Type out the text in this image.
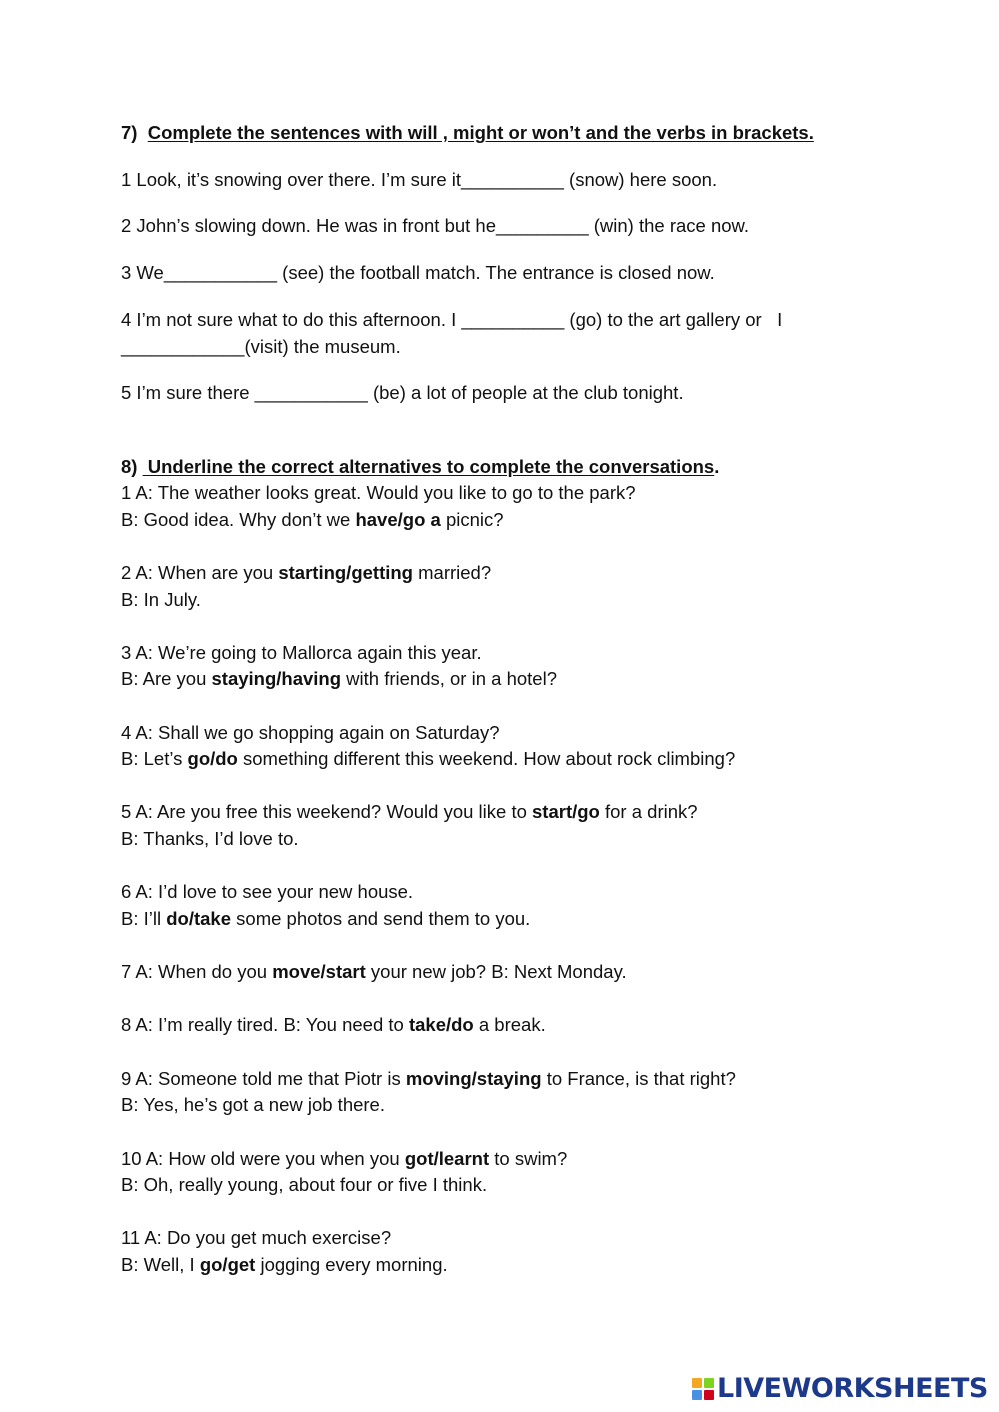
7) Complete the sentences with will , might or won’t and the verbs in brackets.
1 Look, it’s snowing over there. I’m sure it__________ (snow) here soon.
2 John’s slowing down. He was in front but he_________ (win) the race now.
3 We___________ (see) the football match. The entrance is closed now.
4 I’m not sure what to do this afternoon. I __________ (go) to the art gallery or   I
____________(visit) the museum.
5 I’m sure there ___________ (be) a lot of people at the club tonight.
8)  Underline the correct alternatives to complete the conversations.
1 A: The weather looks great. Would you like to go to the park?
B: Good idea. Why don’t we have/go a picnic?
2 A: When are you starting/getting married?
B: In July.
3 A: We’re going to Mallorca again this year.
B: Are you staying/having with friends, or in a hotel?
4 A: Shall we go shopping again on Saturday?
B: Let’s go/do something different this weekend. How about rock climbing?
5 A: Are you free this weekend? Would you like to start/go for a drink?
B: Thanks, I’d love to.
6 A: I’d love to see your new house.
B: I’ll do/take some photos and send them to you.
7 A: When do you move/start your new job? B: Next Monday.
8 A: I’m really tired. B: You need to take/do a break.
9 A: Someone told me that Piotr is moving/staying to France, is that right?
B: Yes, he’s got a new job there.
10 A: How old were you when you got/learnt to swim?
B: Oh, really young, about four or five I think.
11 A: Do you get much exercise?
B: Well, I go/get jogging every morning.
LIVEWORKSHEETS
